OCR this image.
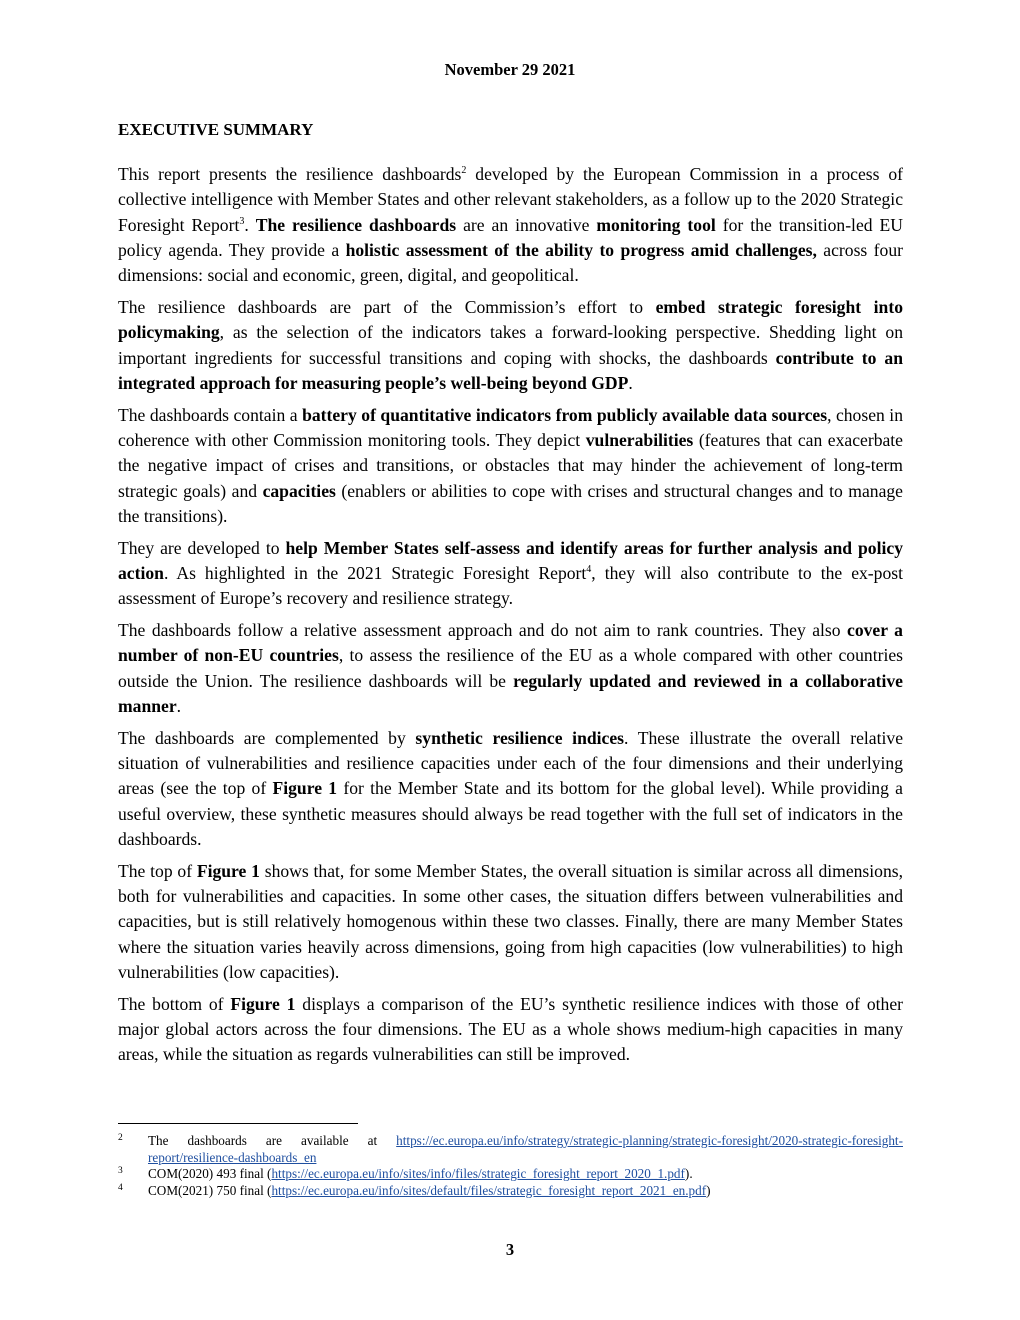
November 29 2021
EXECUTIVE SUMMARY

This report presents the resilience dashboards$^2$ developed by the European Commission in a process of collective intelligence with Member States and other relevant stakeholders, as a follow up to the 2020 Strategic Foresight Report$^3$. The resilience dashboards are an innovative monitoring tool for the transition-led EU policy agenda. They provide a holistic assessment of the ability to progress amid challenges, across four dimensions: social and economic, green, digital, and geopolitical.

The resilience dashboards are part of the Commission’s effort to embed strategic foresight into policymaking, as the selection of the indicators takes a forward-looking perspective. Shedding light on important ingredients for successful transitions and coping with shocks, the dashboards contribute to an integrated approach for measuring people’s well-being beyond GDP.

The dashboards contain a battery of quantitative indicators from publicly available data sources, chosen in coherence with other Commission monitoring tools. They depict vulnerabilities (features that can exacerbate the negative impact of crises and transitions, or obstacles that may hinder the achievement of long-term strategic goals) and capacities (enablers or abilities to cope with crises and structural changes and to manage the transitions).

They are developed to help Member States self-assess and identify areas for further analysis and policy action. As highlighted in the 2021 Strategic Foresight Report$^4$, they will also contribute to the ex-post assessment of Europe’s recovery and resilience strategy.

The dashboards follow a relative assessment approach and do not aim to rank countries. They also cover a number of non-EU countries, to assess the resilience of the EU as a whole compared with other countries outside the Union. The resilience dashboards will be regularly updated and reviewed in a collaborative manner.

The dashboards are complemented by synthetic resilience indices. These illustrate the overall relative situation of vulnerabilities and resilience capacities under each of the four dimensions and their underlying areas (see the top of Figure 1 for the Member State and its bottom for the global level). While providing a useful overview, these synthetic measures should always be read together with the full set of indicators in the dashboards.

The top of Figure 1 shows that, for some Member States, the overall situation is similar across all dimensions, both for vulnerabilities and capacities. In some other cases, the situation differs between vulnerabilities and capacities, but is still relatively homogenous within these two classes. Finally, there are many Member States where the situation varies heavily across dimensions, going from high capacities (low vulnerabilities) to high vulnerabilities (low capacities).

The bottom of Figure 1 displays a comparison of the EU’s synthetic resilience indices with those of other major global actors across the four dimensions. The EU as a whole shows medium-high capacities in many areas, while the situation as regards vulnerabilities can still be improved.

2 The dashboards are available at https://ec.europa.eu/info/strategy/strategic-planning/strategic-foresight/2020-strategic-foresight-report/resilience-dashboards_en

3 COM(2020) 493 final (https://ec.europa.eu/info/sites/info/files/strategic_foresight_report_2020_1.pdf).

4 COM(2021) 750 final (https://ec.europa.eu/info/sites/default/files/strategic_foresight_report_2021_en.pdf)

3
